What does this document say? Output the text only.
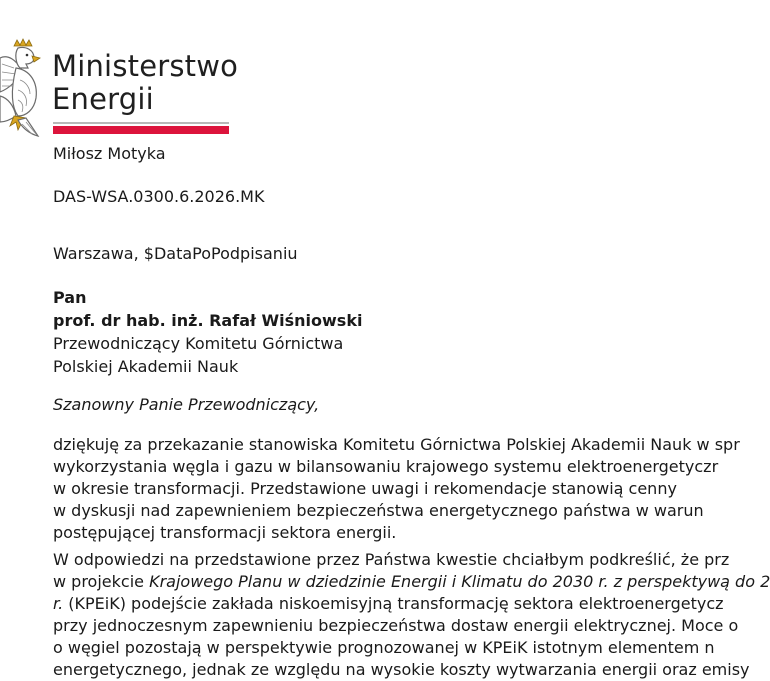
Ministerstwo
Energii
Miłosz Motyka
DAS-WSA.0300.6.2026.MK
Warszawa, $DataPoPodpisaniu
Pan
prof. dr hab. inż. Rafał Wiśniowski
Przewodniczący Komitetu Górnictwa
Polskiej Akademii Nauk
Szanowny Panie Przewodniczący,
dziękuję za przekazanie stanowiska Komitetu Górnictwa Polskiej Akademii Nauk w spr
wykorzystania węgla i gazu w bilansowaniu krajowego systemu elektroenergetyczr
w okresie transformacji. Przedstawione uwagi i rekomendacje stanowią cenny
w dyskusji nad zapewnieniem bezpieczeństwa energetycznego państwa w warun
postępującej transformacji sektora energii.
W odpowiedzi na przedstawione przez Państwa kwestie chciałbym podkreślić, że prz
w projekcie Krajowego Planu w dziedzinie Energii i Klimatu do 2030 r. z perspektywą do 2
r. (KPEiK) podejście zakłada niskoemisyjną transformację sektora elektroenergetycz
przy jednoczesnym zapewnieniu bezpieczeństwa dostaw energii elektrycznej. Moce o
o węgiel pozostają w perspektywie prognozowanej w KPEiK istotnym elementem n
energetycznego, jednak ze względu na wysokie koszty wytwarzania energii oraz emisy
